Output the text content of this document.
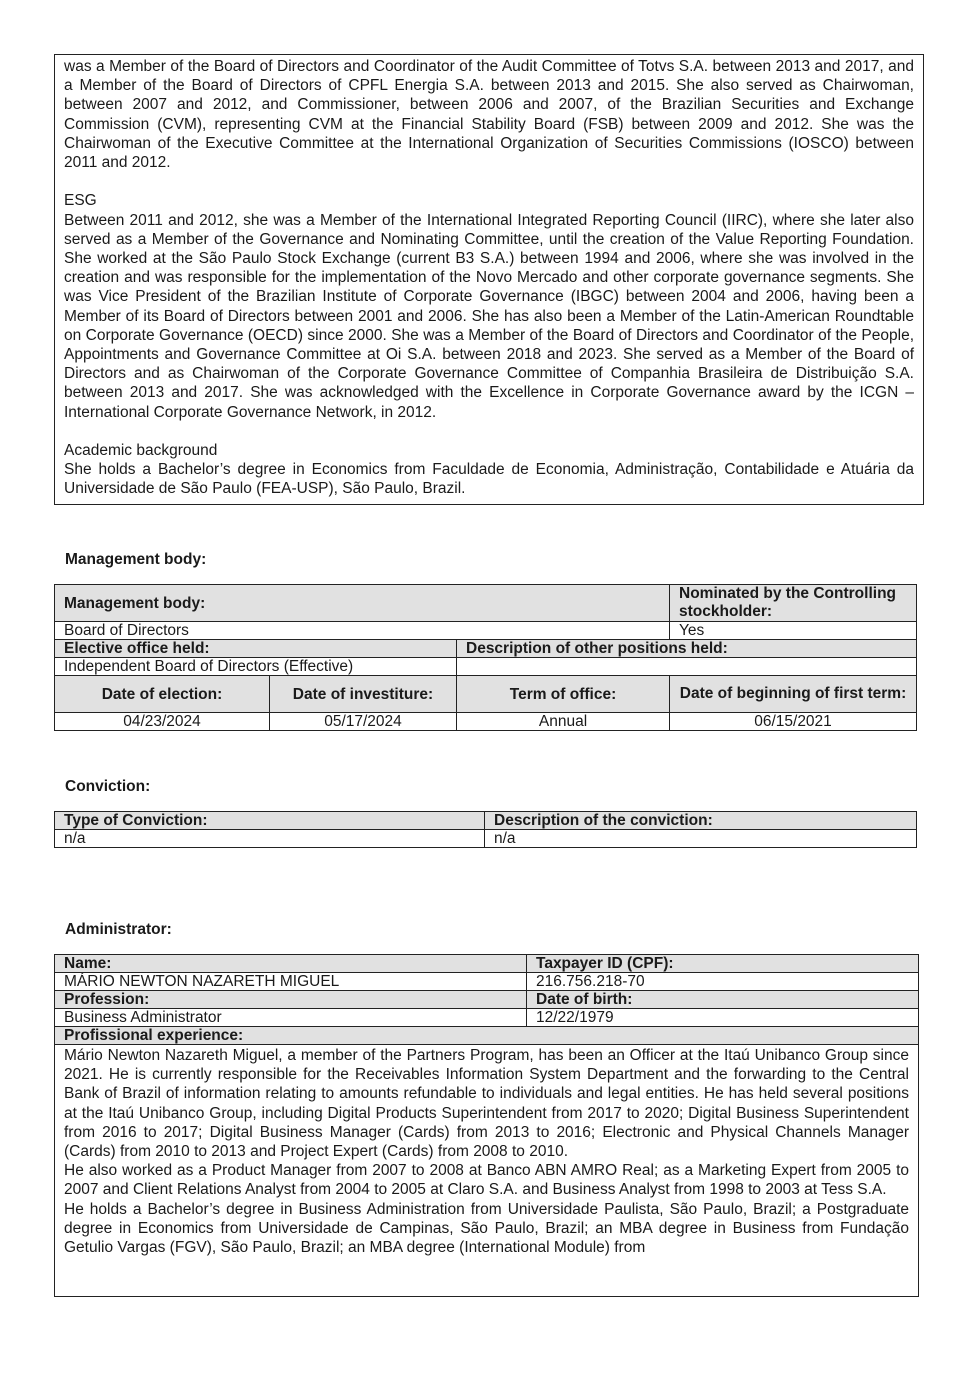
was a Member of the Board of Directors and Coordinator of the Audit Committee of Totvs S.A. between 2013 and 2017, and a Member of the Board of Directors of CPFL Energia S.A. between 2013 and 2015. She also served as Chairwoman, between 2007 and 2012, and Commissioner, between 2006 and 2007, of the Brazilian Securities and Exchange Commission (CVM), representing CVM at the Financial Stability Board (FSB) between 2009 and 2012. She was the Chairwoman of the Executive Committee at the International Organization of Securities Commissions (IOSCO) between 2011 and 2012.

ESG

Between 2011 and 2012, she was a Member of the International Integrated Reporting Council (IIRC), where she later also served as a Member of the Governance and Nominating Committee, until the creation of the Value Reporting Foundation. She worked at the São Paulo Stock Exchange (current B3 S.A.) between 1994 and 2006, where she was involved in the creation and was responsible for the implementation of the Novo Mercado and other corporate governance segments. She was Vice President of the Brazilian Institute of Corporate Governance (IBGC) between 2004 and 2006, having been a Member of its Board of Directors between 2001 and 2006. She has also been a Member of the Latin-American Roundtable on Corporate Governance (OECD) since 2000. She was a Member of the Board of Directors and Coordinator of the People, Appointments and Governance Committee at Oi S.A. between 2018 and 2023. She served as a Member of the Board of Directors and as Chairwoman of the Corporate Governance Committee of Companhia Brasileira de Distribuição S.A. between 2013 and 2017. She was acknowledged with the Excellence in Corporate Governance award by the ICGN – International Corporate Governance Network, in 2012.

Academic background

She holds a Bachelor’s degree in Economics from Faculdade de Economia, Administração, Contabilidade e Atuária da Universidade de São Paulo (FEA-USP), São Paulo, Brazil.

Management body:

Management body:			Nominated by the Controlling stockholder:
Board of Directors			Yes
Elective office held:		Description of other positions held:	
Independent Board of Directors (Effective)			
Date of election:	Date of investiture:	Term of office:	Date of beginning of first term:
04/23/2024	05/17/2024	Annual	06/15/2021

Conviction:

Type of Conviction:	Description of the conviction:
n/a	n/a

Administrator:

Name:	Taxpayer ID (CPF):
MÁRIO NEWTON NAZARETH MIGUEL	216.756.218-70
Profession:	Date of birth:
Business Administrator	12/22/1979
Profissional experience:	

Mário Newton Nazareth Miguel, a member of the Partners Program, has been an Officer at the Itaú Unibanco Group since 2021. He is currently responsible for the Receivables Information System Department and the forwarding to the Central Bank of Brazil of information relating to amounts refundable to individuals and legal entities. He has held several positions at the Itaú Unibanco Group, including Digital Products Superintendent from 2017 to 2020; Digital Business Superintendent from 2016 to 2017; Digital Business Manager (Cards) from 2013 to 2016; Electronic and Physical Channels Manager (Cards) from 2010 to 2013 and Project Expert (Cards) from 2008 to 2010.

He also worked as a Product Manager from 2007 to 2008 at Banco ABN AMRO Real; as a Marketing Expert from 2005 to 2007 and Client Relations Analyst from 2004 to 2005 at Claro S.A. and Business Analyst from 1998 to 2003 at Tess S.A.

He holds a Bachelor’s degree in Business Administration from Universidade Paulista, São Paulo, Brazil; a Postgraduate degree in Economics from Universidade de Campinas, São Paulo, Brazil; an MBA degree in Business from Fundação Getulio Vargas (FGV), São Paulo, Brazil; an MBA degree (International Module) from	
